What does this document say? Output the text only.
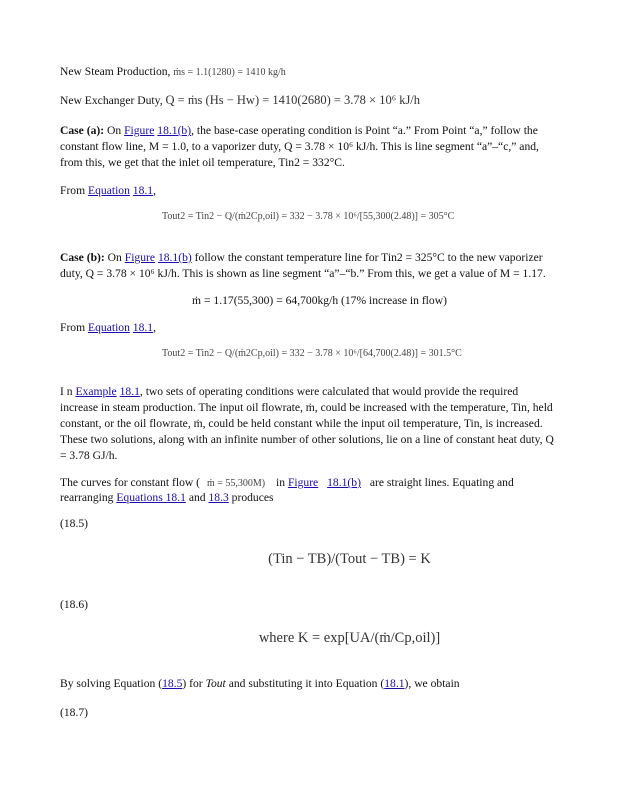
New Steam Production, ṁs = 1.1(1280) = 1410 kg/h
New Exchanger Duty, Q = ṁs (Hs − Hw) = 1410(2680) = 3.78 × 10⁶ kJ/h
Case (a): On Figure 18.1(b), the base-case operating condition is Point “a.” From Point “a,” follow the
constant flow line, M = 1.0, to a vaporizer duty, Q = 3.78 × 10⁶ kJ/h. This is line segment “a”–“c,” and,
from this, we get that the inlet oil temperature, Tin2 = 332°C.
From Equation 18.1,
Tout2 = Tin2 − Q/(ṁ2Cp,oil) = 332 − 3.78 × 10⁶/[55,300(2.48)] = 305°C
Case (b): On Figure 18.1(b) follow the constant temperature line for Tin2 = 325°C to the new vaporizer
duty, Q = 3.78 × 10⁶ kJ/h. This is shown as line segment “a”–“b.” From this, we get a value of M = 1.17.
ṁ = 1.17(55,300) = 64,700kg/h (17% increase in flow)
From Equation 18.1,
Tout2 = Tin2 − Q/(ṁ2Cp,oil) = 332 − 3.78 × 10⁶/[64,700(2.48)] = 301.5°C
I n Example 18.1, two sets of operating conditions were calculated that would provide the required
increase in steam production. The input oil flowrate, ṁ, could be increased with the temperature, Tin, held
constant, or the oil flowrate, ṁ, could be held constant while the input oil temperature, Tin, is increased.
These two solutions, along with an infinite number of other solutions, lie on a line of constant heat duty, Q
= 3.78 GJ/h.
The curves for constant flow ( ṁ = 55,300M) in Figure 18.1(b) are straight lines. Equating and
rearranging Equations 18.1 and 18.3 produces
(18.5)
(Tin − TB)/(Tout − TB) = K
(18.6)
where K = exp[UA/(ṁ/Cp,oil)]
By solving Equation (18.5) for Tout and substituting it into Equation (18.1), we obtain
(18.7)
